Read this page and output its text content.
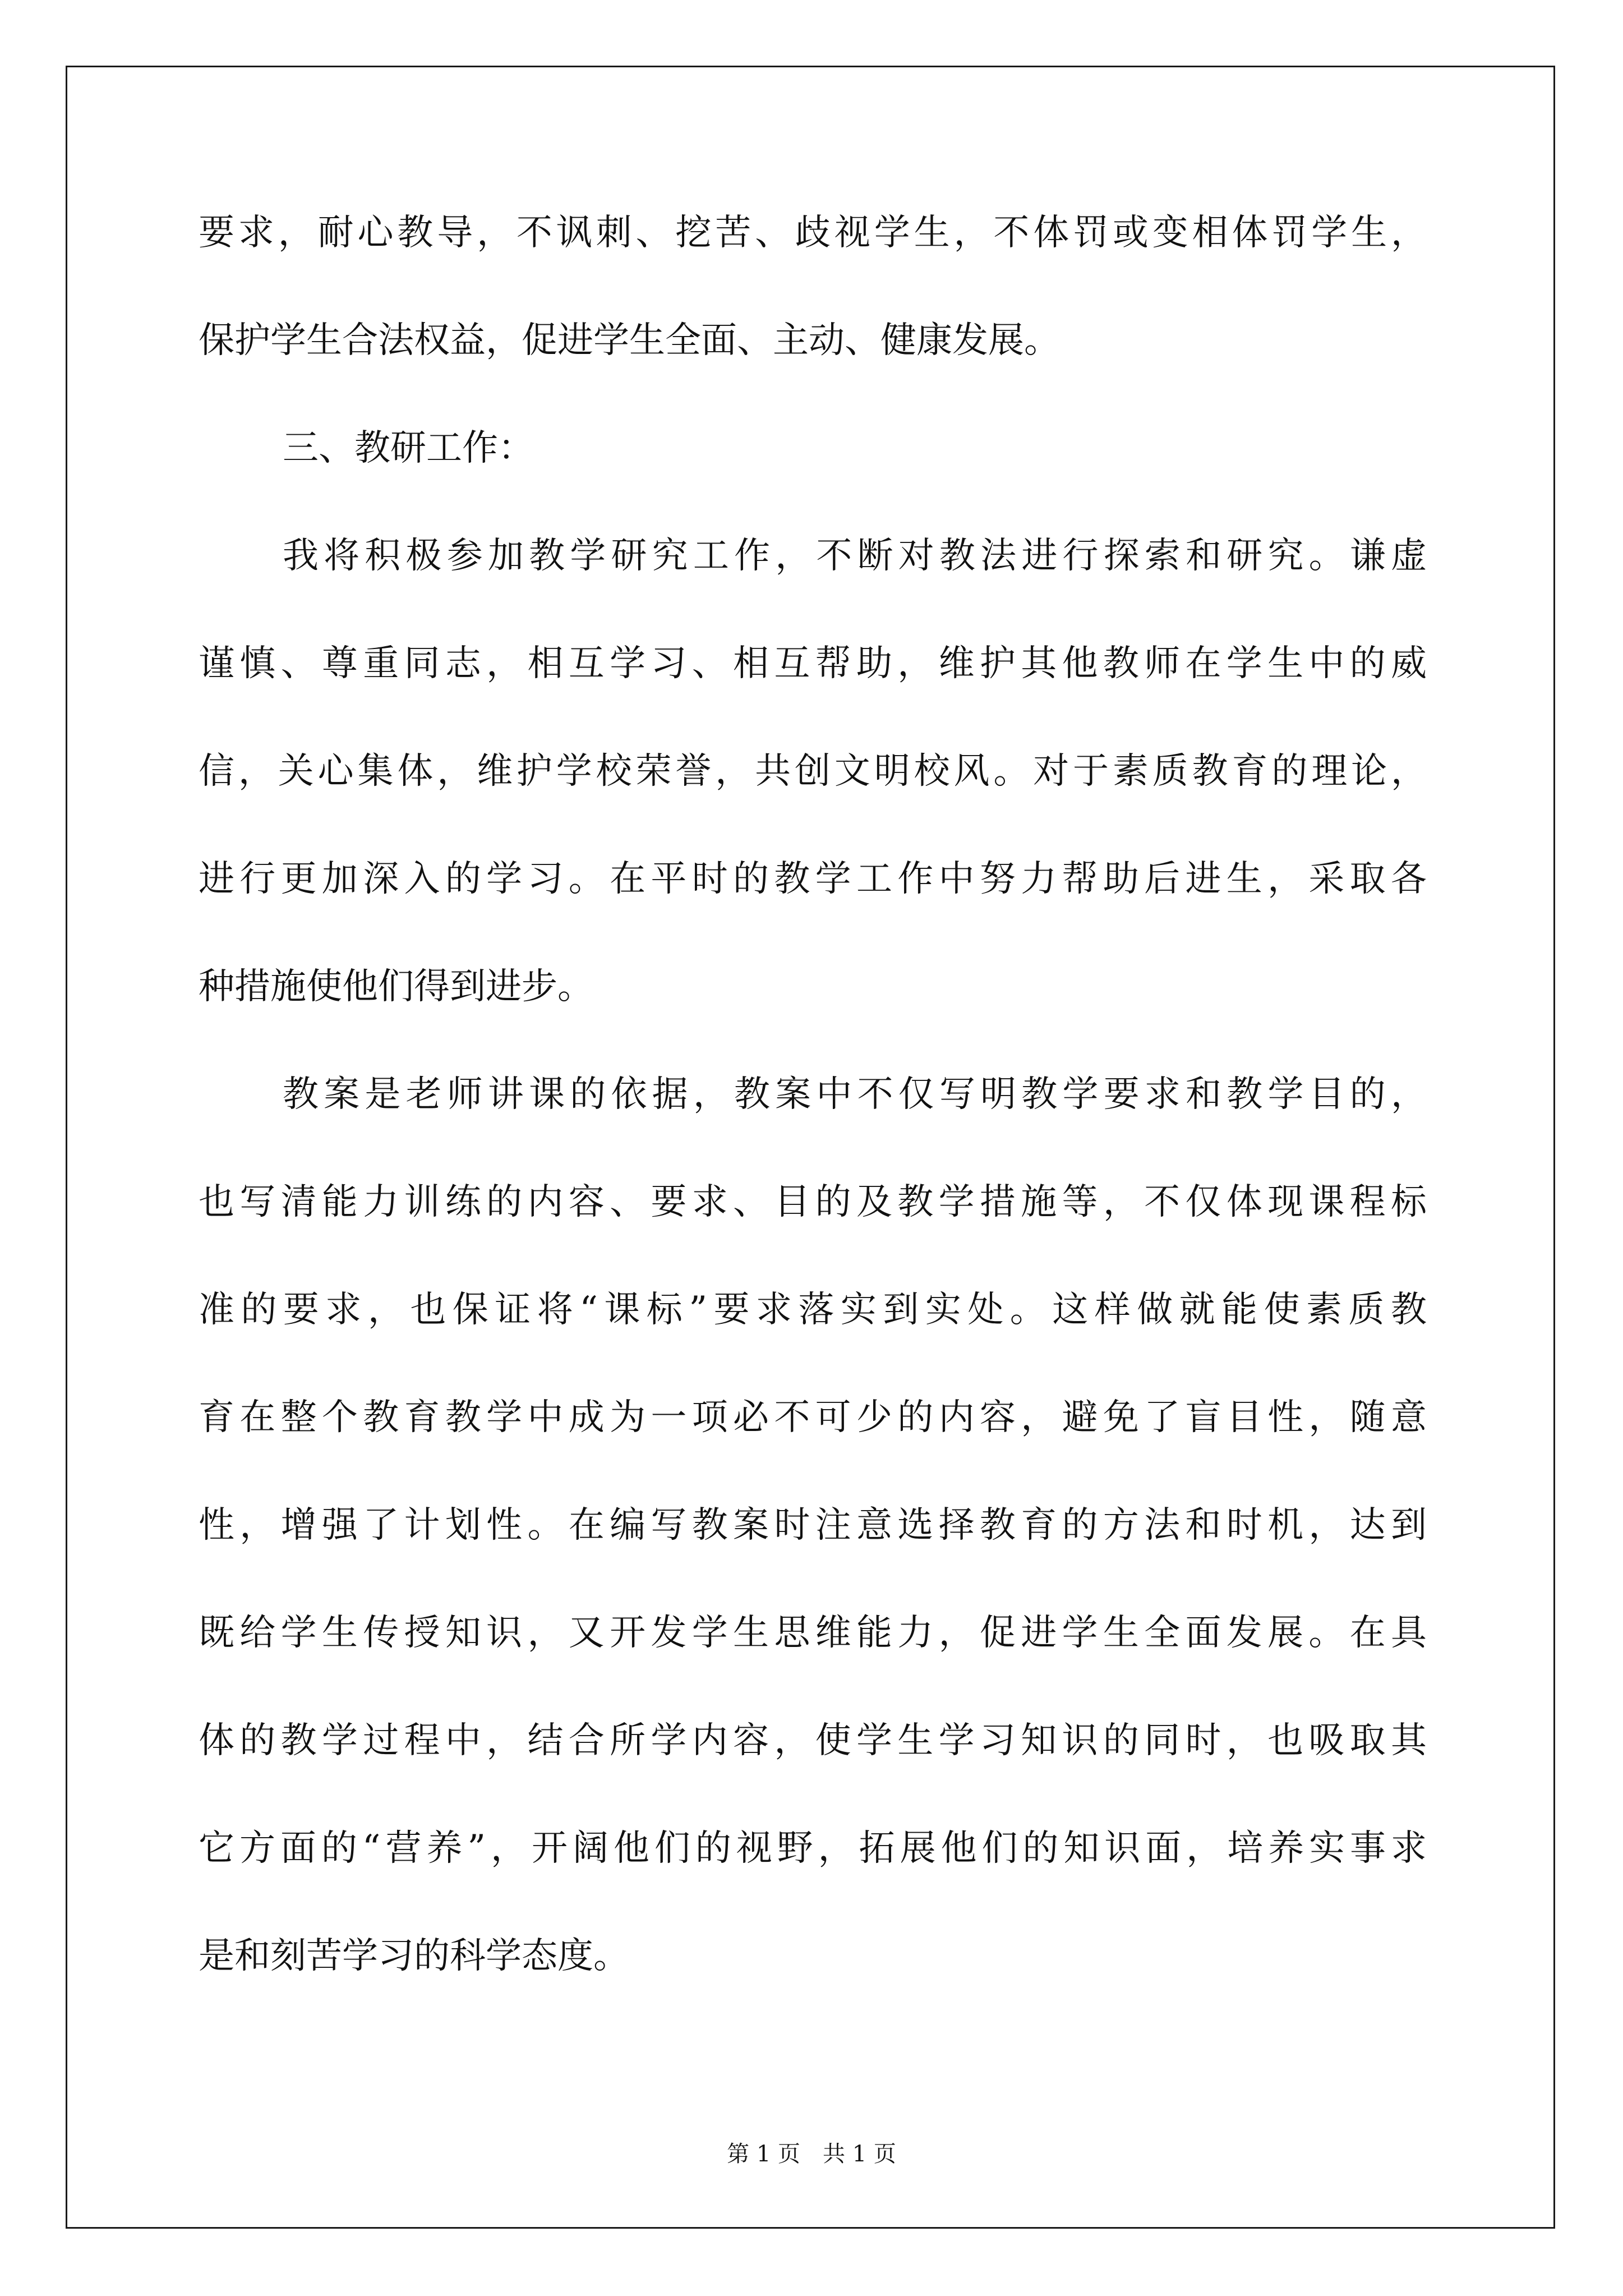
要求，耐心教导，不讽刺、挖苦、歧视学生，不体罚或变相体罚学生，
保护学生合法权益，促进学生全面、主动、健康发展。
三、教研工作：
我将积极参加教学研究工作，不断对教法进行探索和研究。谦虚
谨慎、尊重同志，相互学习、相互帮助，维护其他教师在学生中的威
信，关心集体，维护学校荣誉，共创文明校风。对于素质教育的理论，
进行更加深入的学习。在平时的教学工作中努力帮助后进生，采取各
种措施使他们得到进步。
教案是老师讲课的依据，教案中不仅写明教学要求和教学目的，
也写清能力训练的内容、要求、目的及教学措施等，不仅体现课程标
准的要求，也保证将“课标”要求落实到实处。这样做就能使素质教
育在整个教育教学中成为一项必不可少的内容，避免了盲目性，随意
性，增强了计划性。在编写教案时注意选择教育的方法和时机，达到
既给学生传授知识，又开发学生思维能力，促进学生全面发展。在具
体的教学过程中，结合所学内容，使学生学习知识的同时，也吸取其
它方面的“营养”，开阔他们的视野，拓展他们的知识面，培养实事求
是和刻苦学习的科学态度。
第 1 页　共 1 页
